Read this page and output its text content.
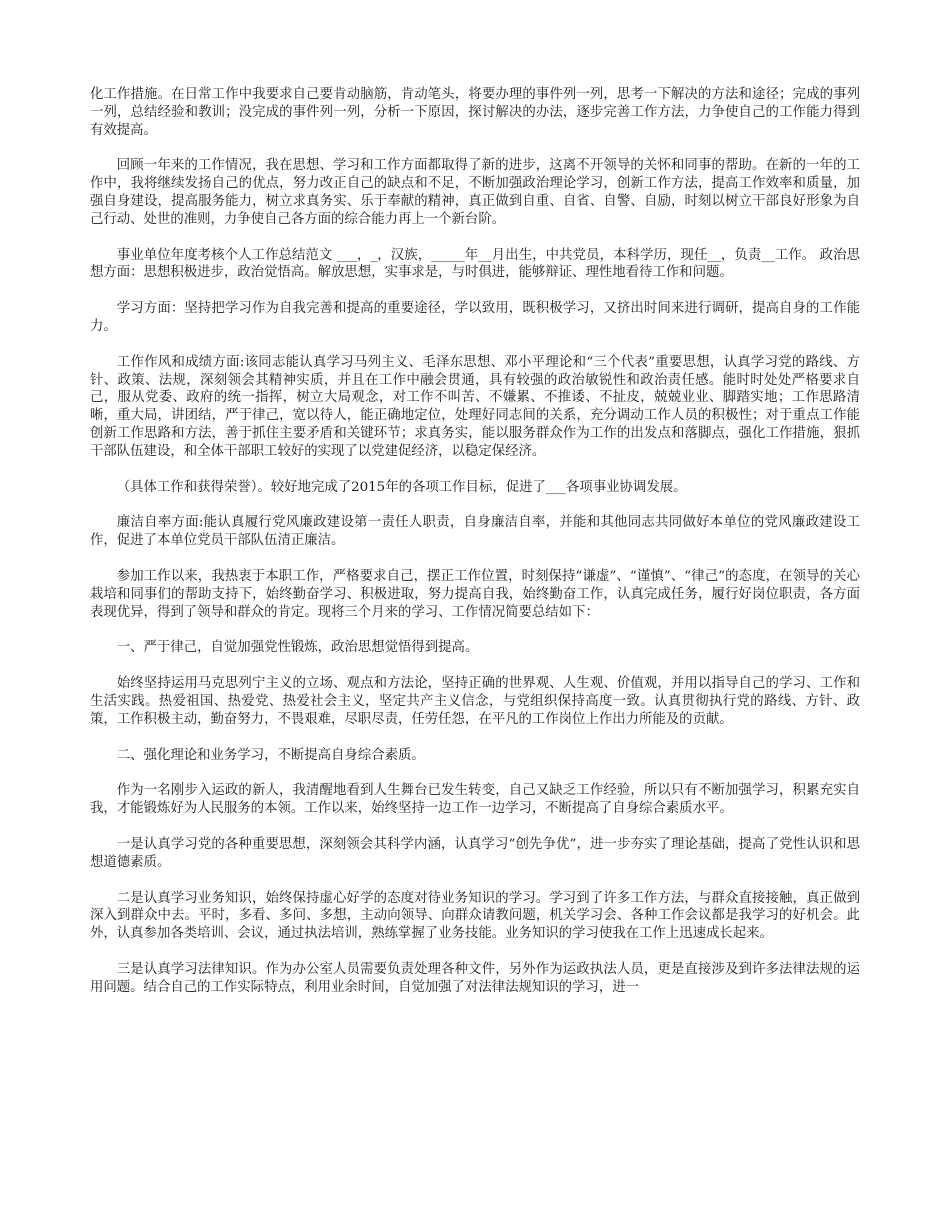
化工作措施。在日常工作中我要求自己要肯动脑筋，肯动笔头，将要办理的事件列一列，思考一下解决的方法和途径；完成的事列一列，总结经验和教训；没完成的事件列一列，分析一下原因，探讨解决的办法，逐步完善工作方法，力争使自己的工作能力得到有效提高。

回顾一年来的工作情况，我在思想、学习和工作方面都取得了新的进步，这离不开领导的关怀和同事的帮助。在新的一年的工作中，我将继续发扬自己的优点，努力改正自己的缺点和不足，不断加强政治理论学习，创新工作方法，提高工作效率和质量，加强自身建设，提高服务能力，树立求真务实、乐于奉献的精神，真正做到自重、自省、自警、自励，时刻以树立干部良好形象为自己行动、处世的准则，力争使自己各方面的综合能力再上一个新台阶。

事业单位年度考核个人工作总结范文 ___，_，汉族，_____年__月出生，中共党员，本科学历，现任__，负责__工作。 政治思想方面：思想积极进步，政治觉悟高。解放思想，实事求是，与时俱进，能够辩证、理性地看待工作和问题。

学习方面：坚持把学习作为自我完善和提高的重要途径，学以致用，既积极学习，又挤出时间来进行调研，提高自身的工作能力。

工作作风和成绩方面:该同志能认真学习马列主义、毛泽东思想、邓小平理论和“三个代表”重要思想，认真学习党的路线、方针、政策、法规，深刻领会其精神实质，并且在工作中融会贯通，具有较强的政治敏锐性和政治责任感。能时时处处严格要求自己，服从党委、政府的统一指挥，树立大局观念，对工作不叫苦、不嫌累、不推诿、不扯皮，兢兢业业、脚踏实地；工作思路清晰，重大局，讲团结，严于律己，宽以待人，能正确地定位，处理好同志间的关系，充分调动工作人员的积极性；对于重点工作能创新工作思路和方法，善于抓住主要矛盾和关键环节；求真务实，能以服务群众作为工作的出发点和落脚点，强化工作措施，狠抓干部队伍建设，和全体干部职工较好的实现了以党建促经济，以稳定保经济。

（具体工作和获得荣誉）。较好地完成了2015年的各项工作目标，促进了___各项事业协调发展。

廉洁自率方面:能认真履行党风廉政建设第一责任人职责，自身廉洁自率，并能和其他同志共同做好本单位的党风廉政建设工作，促进了本单位党员干部队伍清正廉洁。

参加工作以来，我热衷于本职工作，严格要求自己，摆正工作位置，时刻保持“谦虚”、“谨慎”、“律己”的态度，在领导的关心栽培和同事们的帮助支持下，始终勤奋学习、积极进取，努力提高自我，始终勤奋工作，认真完成任务，履行好岗位职责，各方面表现优异，得到了领导和群众的肯定。现将三个月来的学习、工作情况简要总结如下：

一、严于律己，自觉加强党性锻炼，政治思想觉悟得到提高。

始终坚持运用马克思列宁主义的立场、观点和方法论，坚持正确的世界观、人生观、价值观，并用以指导自己的学习、工作和生活实践。热爱祖国、热爱党、热爱社会主义，坚定共产主义信念，与党组织保持高度一致。认真贯彻执行党的路线、方针、政策，工作积极主动，勤奋努力，不畏艰难，尽职尽责，任劳任怨，在平凡的工作岗位上作出力所能及的贡献。

二、强化理论和业务学习，不断提高自身综合素质。

作为一名刚步入运政的新人，我清醒地看到人生舞台已发生转变，自己又缺乏工作经验，所以只有不断加强学习，积累充实自我，才能锻炼好为人民服务的本领。工作以来，始终坚持一边工作一边学习，不断提高了自身综合素质水平。

一是认真学习党的各种重要思想，深刻领会其科学内涵，认真学习“创先争优”，进一步夯实了理论基础，提高了党性认识和思想道德素质。

二是认真学习业务知识，始终保持虚心好学的态度对待业务知识的学习。学习到了许多工作方法，与群众直接接触，真正做到深入到群众中去。平时，多看、多问、多想，主动向领导、向群众请教问题，机关学习会、各种工作会议都是我学习的好机会。此外，认真参加各类培训、会议，通过执法培训，熟练掌握了业务技能。业务知识的学习使我在工作上迅速成长起来。

三是认真学习法律知识。作为办公室人员需要负责处理各种文件，另外作为运政执法人员，更是直接涉及到许多法律法规的运用问题。结合自己的工作实际特点，利用业余时间，自觉加强了对法律法规知识的学习，进一
